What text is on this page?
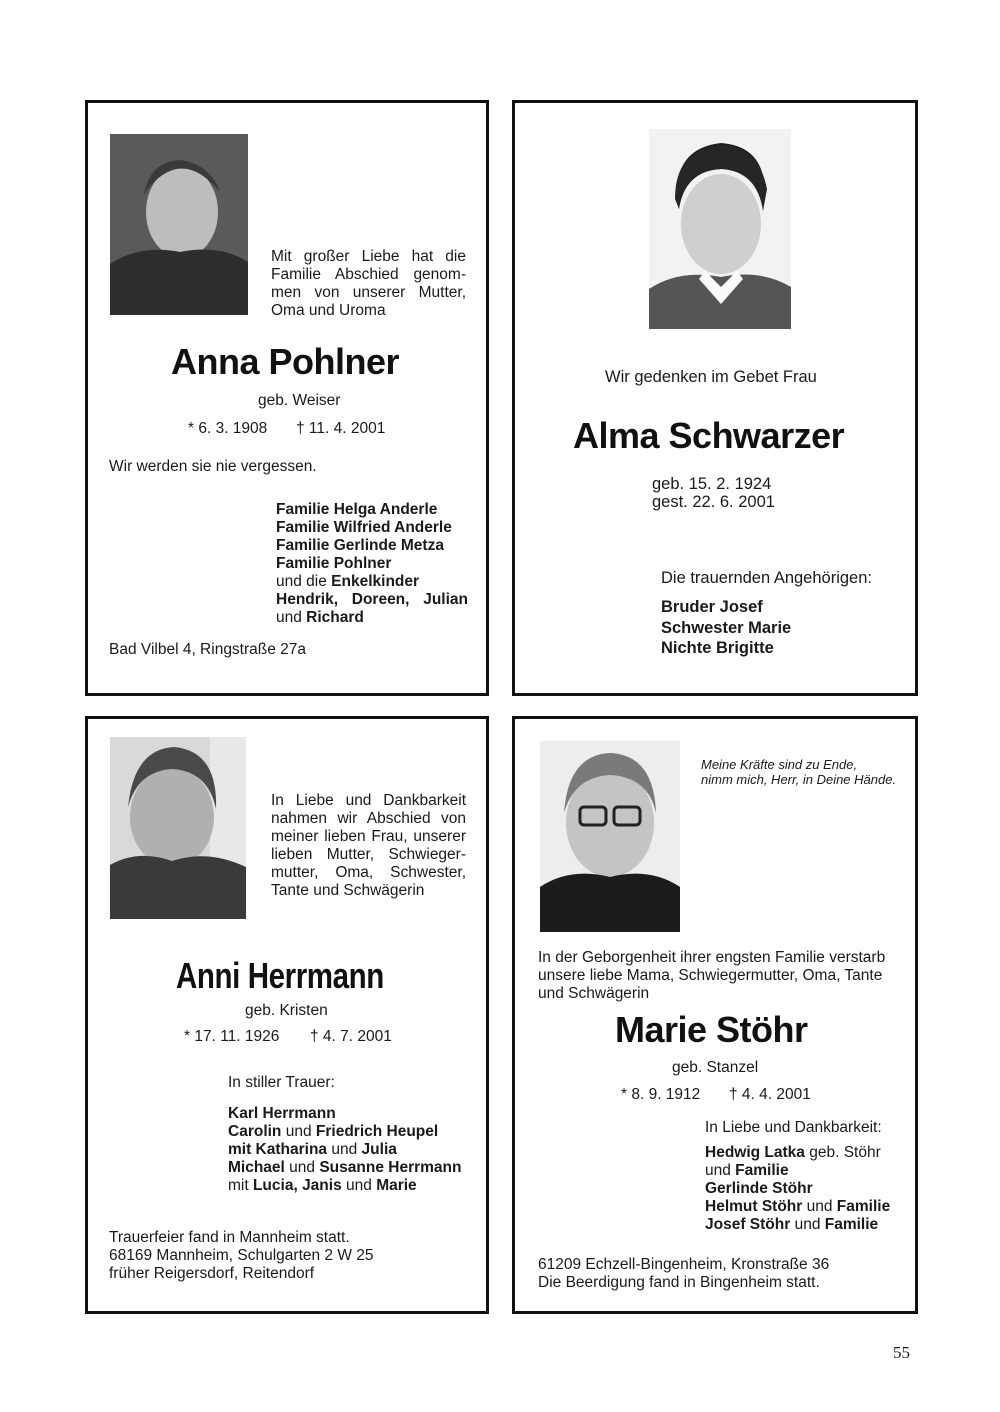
Mit großer Liebe hat die
Familie Abschied genom-
men von unserer Mutter,
Oma und Uroma
Anna Pohlner
geb. Weiser
* 6. 3. 1908 † 11. 4. 2001
Wir werden sie nie vergessen.
Familie Helga Anderle
Familie Wilfried Anderle
Familie Gerlinde Metza
Familie Pohlner
und die Enkelkinder
Hendrik, Doreen, Julian
und Richard
Bad Vilbel 4, Ringstraße 27a
Wir gedenken im Gebet Frau
Alma Schwarzer
geb. 15. 2. 1924
gest. 22. 6. 2001
Die trauernden Angehörigen:
Bruder Josef
Schwester Marie
Nichte Brigitte
In Liebe und Dankbarkeit
nahmen wir Abschied von
meiner lieben Frau, unserer
lieben Mutter, Schwieger-
mutter, Oma, Schwester,
Tante und Schwägerin
Anni Herrmann
geb. Kristen
* 17. 11. 1926 † 4. 7. 2001
In stiller Trauer:
Karl Herrmann
Carolin und Friedrich Heupel
mit Katharina und Julia
Michael und Susanne Herrmann
mit Lucia, Janis und Marie
Trauerfeier fand in Mannheim statt.
68169 Mannheim, Schulgarten 2 W 25
früher Reigersdorf, Reitendorf
Meine Kräfte sind zu Ende,
nimm mich, Herr, in Deine Hände.
In der Geborgenheit ihrer engsten Familie verstarb
unsere liebe Mama, Schwiegermutter, Oma, Tante
und Schwägerin
Marie Stöhr
geb. Stanzel
* 8. 9. 1912 † 4. 4. 2001
In Liebe und Dankbarkeit:
Hedwig Latka geb. Stöhr
und Familie
Gerlinde Stöhr
Helmut Stöhr und Familie
Josef Stöhr und Familie
61209 Echzell-Bingenheim, Kronstraße 36
Die Beerdigung fand in Bingenheim statt.
55
